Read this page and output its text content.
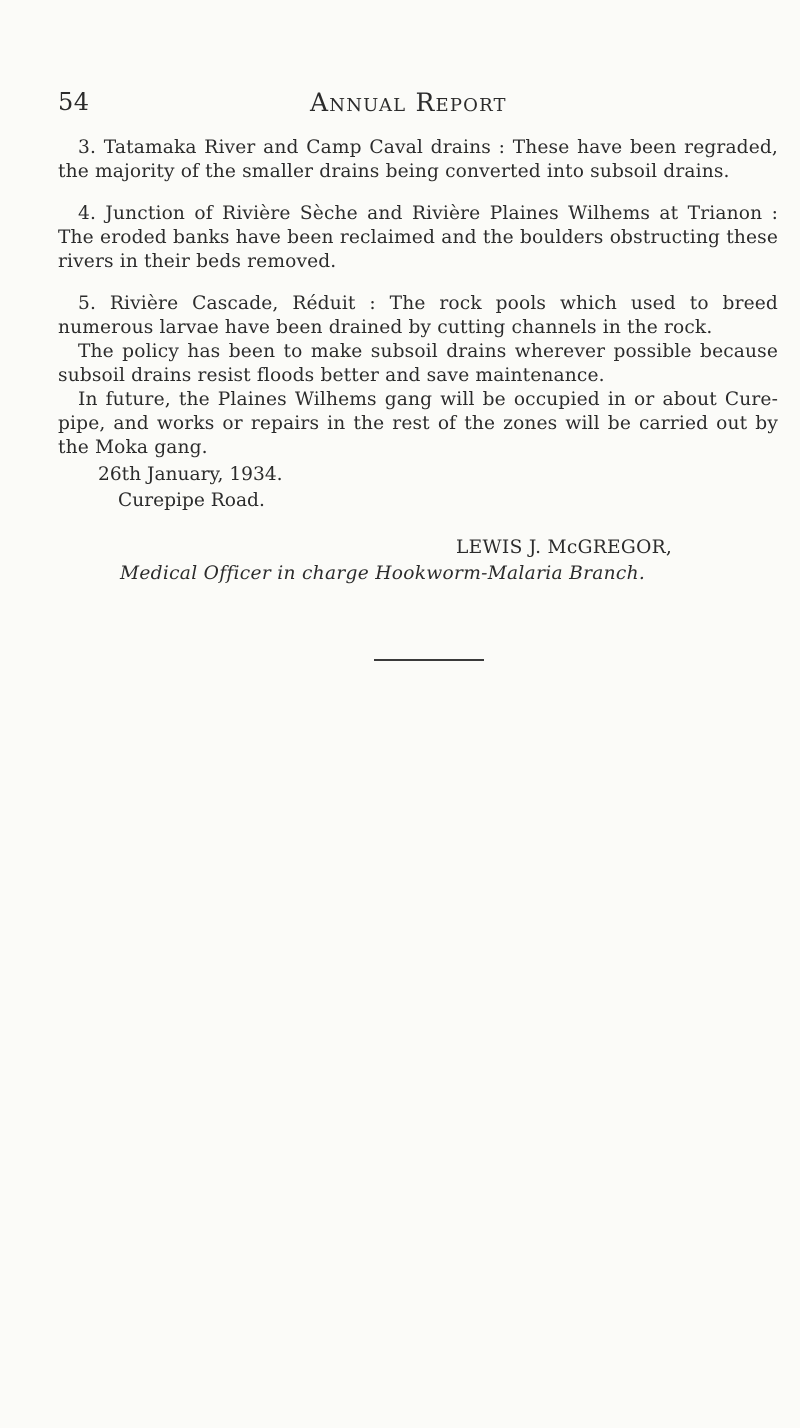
54	Annual Report

3. Tatamaka River and Camp Caval drains : These have been regraded, the majority of the smaller drains being converted into subsoil drains.

4. Junction of Rivière Sèche and Rivière Plaines Wilhems at Trianon : The eroded banks have been reclaimed and the boulders obstructing these rivers in their beds removed.

5. Rivière Cascade, Réduit : The rock pools which used to breed numerous larvae have been drained by cutting channels in the rock.

The policy has been to make subsoil drains wherever possible because subsoil drains resist floods better and save maintenance.

In future, the Plaines Wilhems gang will be occupied in or about Cure- pipe, and works or repairs in the rest of the zones will be carried out by the Moka gang.

26th January, 1934.
Curepipe Road.
LEWIS J. McGREGOR,
Medical Officer in charge Hookworm-Malaria Branch.
